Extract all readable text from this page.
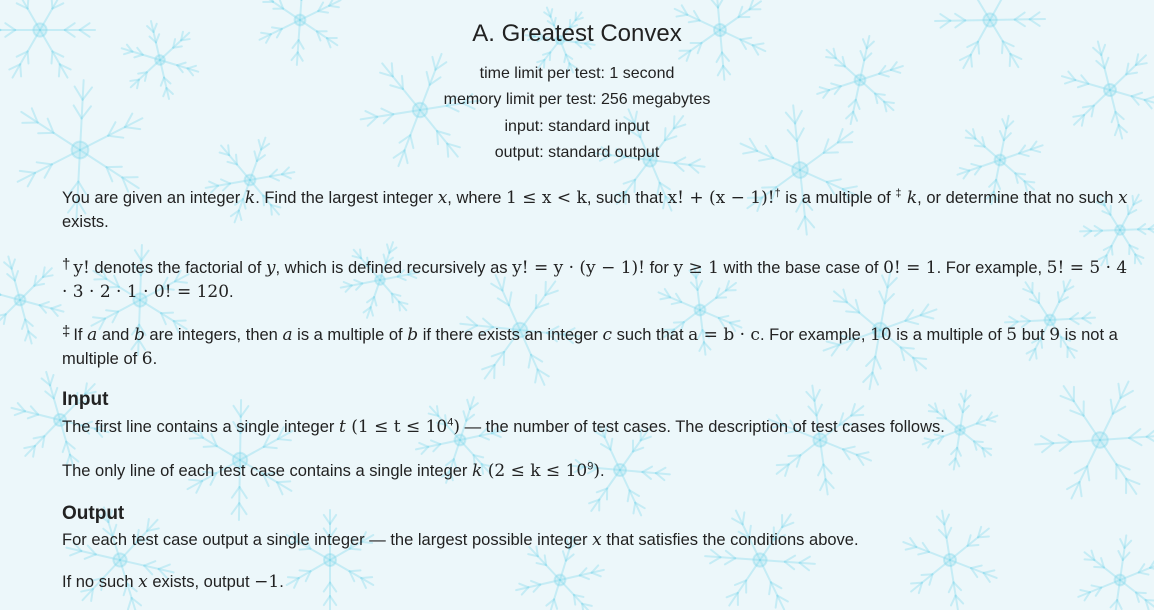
A. Greatest Convex
time limit per test: 1 second
memory limit per test: 256 megabytes
input: standard input
output: standard output
You are given an integer k. Find the largest integer x, where 1 ≤ x < k, such that x! + (x − 1)!† is a multiple of ‡ k, or determine that no such x exists.
† y! denotes the factorial of y, which is defined recursively as y! = y · (y − 1)! for y ≥ 1 with the base case of 0! = 1. For example, 5! = 5 · 4 · 3 · 2 · 1 · 0! = 120.
‡ If a and b are integers, then a is a multiple of b if there exists an integer c such that a = b · c. For example, 10 is a multiple of 5 but 9 is not a multiple of 6.
Input
The first line contains a single integer t $(1 \le t \le 10^4)$ — the number of test cases. The description of test cases follows.
The only line of each test case contains a single integer k $(2 \le k \le 10^9)$.
Output
For each test case output a single integer — the largest possible integer x that satisfies the conditions above.
If no such x exists, output −1.
